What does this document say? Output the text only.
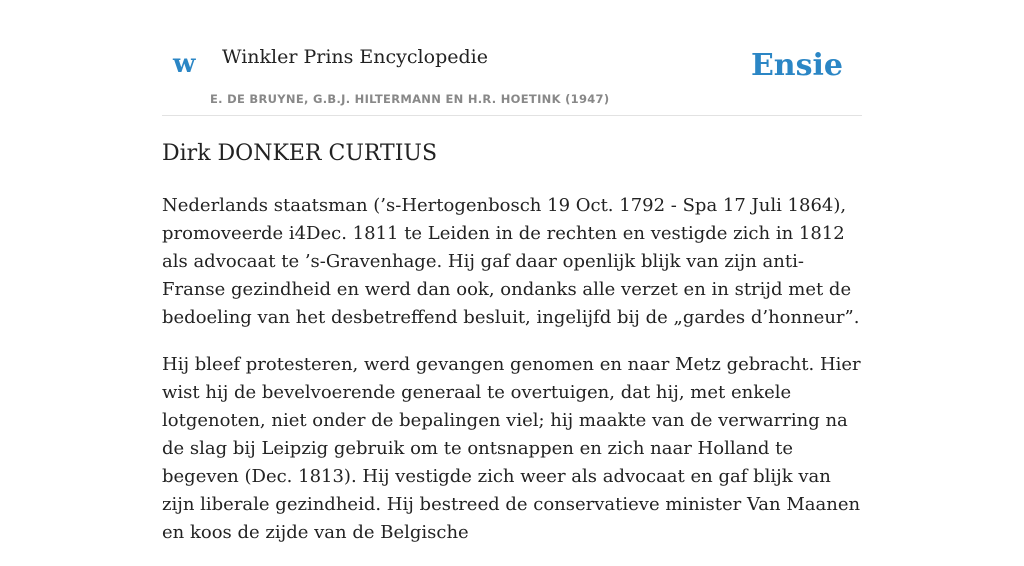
w Winkler Prins Encyclopedie
E. DE BRUYNE, G.B.J. HILTERMANN EN H.R. HOETINK (1947)
Ensie
Dirk DONKER CURTIUS

Nederlands staatsman (’s-Hertogenbosch 19 Oct. 1792 - Spa 17 Juli 1864), promoveerde i4Dec. 1811 te Leiden in de rechten en vestigde zich in 1812 als advocaat te ’s-Gravenhage. Hij gaf daar openlijk blijk van zijn anti-Franse gezindheid en werd dan ook, ondanks alle verzet en in strijd met de bedoeling van het desbetreffend besluit, ingelijfd bij de „gardes d’honneur”.

Hij bleef protesteren, werd gevangen genomen en naar Metz gebracht. Hier wist hij de bevelvoerende generaal te overtuigen, dat hij, met enkele lotgenoten, niet onder de bepalingen viel; hij maakte van de verwarring na de slag bij Leipzig gebruik om te ontsnappen en zich naar Holland te begeven (Dec. 1813). Hij vestigde zich weer als advocaat en gaf blijk van zijn liberale gezindheid. Hij bestreed de conservatieve minister Van Maanen en koos de zijde van de Belgische
